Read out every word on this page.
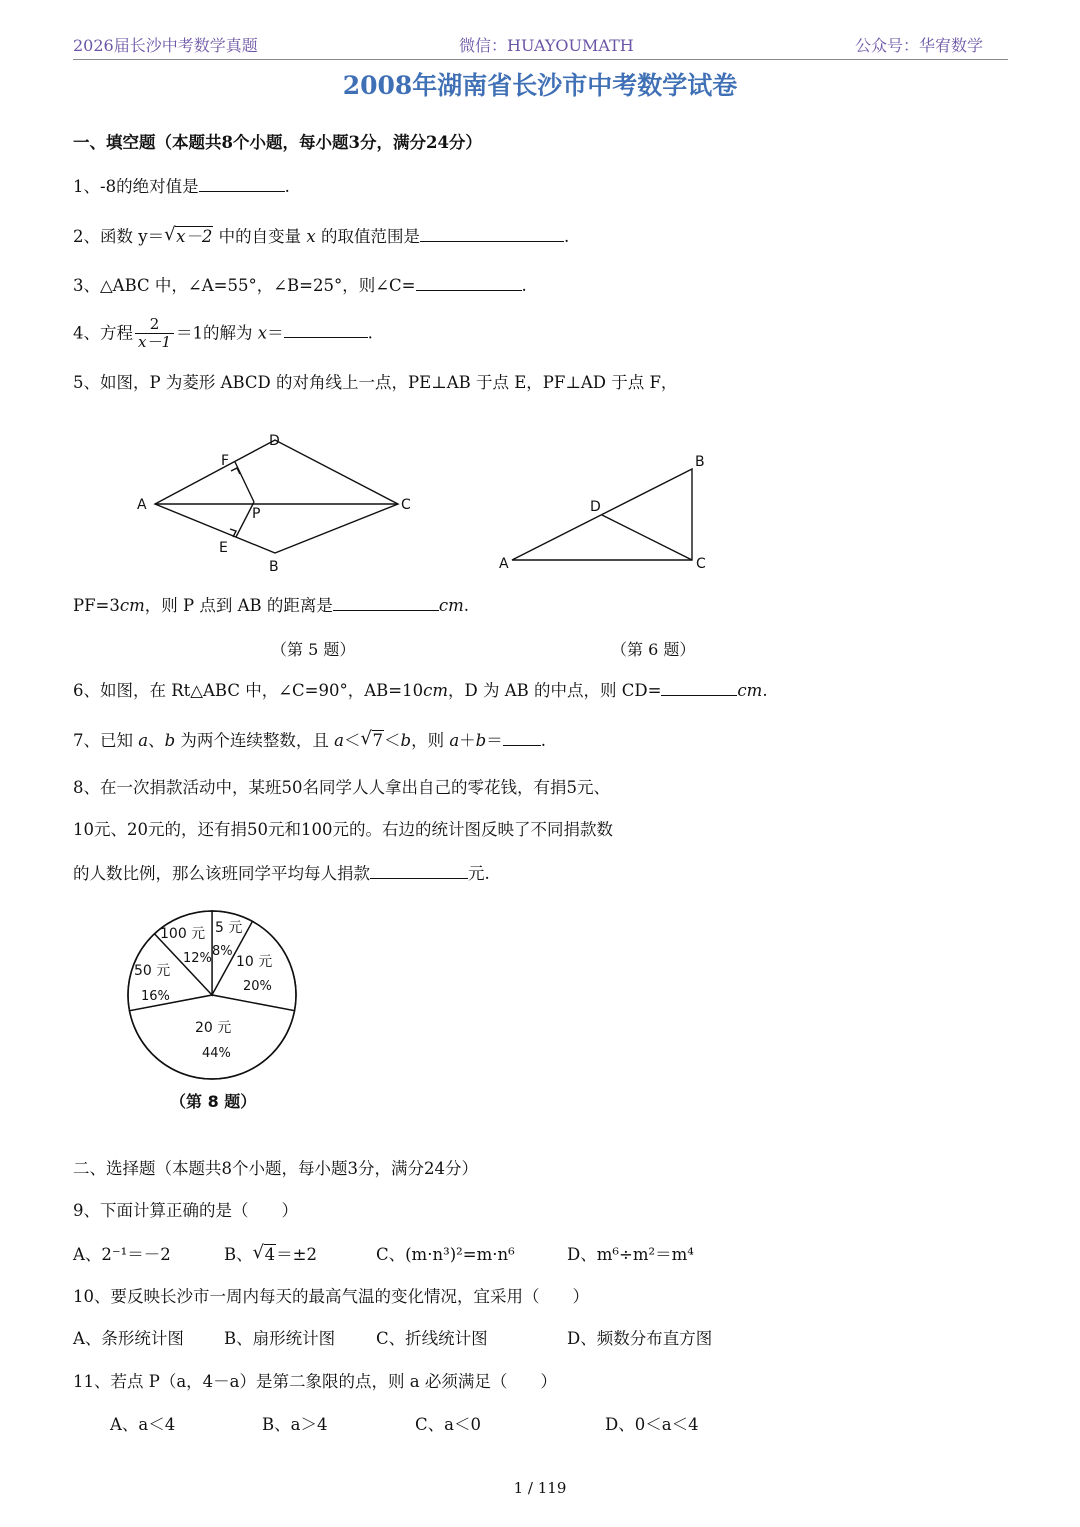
2026届长沙中考数学真题	微信：HUAYOUMATH	公众号：华宥数学
2008年湖南省长沙市中考数学试卷
一、填空题（本题共8个小题，每小题3分，满分24分）
1、-8的绝对值是	.
2、函数 y＝ √ x－2 中的自变量 x 的取值范围是	.
3、△ABC 中，∠A=55°，∠B=25°，则∠C=	.
4、方程 $\frac{2}{x-1} =1$的解为 x＝	.
5、如图，P 为菱形 ABCD 的对角线上一点，PE⊥AB 于点 E，PF⊥AD 于点 F，
A
D
C
B
F
E
P
A
B
C
D
PF=3cm，则 P 点到 AB 的距离是	cm.
（第 5 题）	（第 6 题）
6、如图，在 Rt△ABC 中，∠C=90°，AB=10cm，D 为 AB 的中点，则 CD=	cm.
7、已知 a、b 为两个连续整数，且 a＜ √ 7＜b，则 a＋b＝ .
8、在一次捐款活动中，某班50名同学人人拿出自己的零花钱，有捐5元、
10元、20元的，还有捐50元和100元的。右边的统计图反映了不同捐款数
的人数比例，那么该班同学平均每人捐款	元.
5 元
8%
10 元
20%
20 元
44%
50 元
16%
100 元
12%
（第 8 题）
二、选择题（本题共8个小题，每小题3分，满分24分）
9、下面计算正确的是（　　）
A、2⁻¹＝－2	B、 √ 4＝±2	C、(m·n³)²=m·n⁶	D、m⁶÷m²＝m⁴
10、要反映长沙市一周内每天的最高气温的变化情况，宜采用（　　）
A、条形统计图 B、扇形统计图 C、折线统计图	D、频数分布直方图
11、若点 P（a，4－a）是第二象限的点，则 a 必须满足（　　）
A、a＜4	B、a＞4	C、a＜0	D、0＜a＜4
1 / 119
